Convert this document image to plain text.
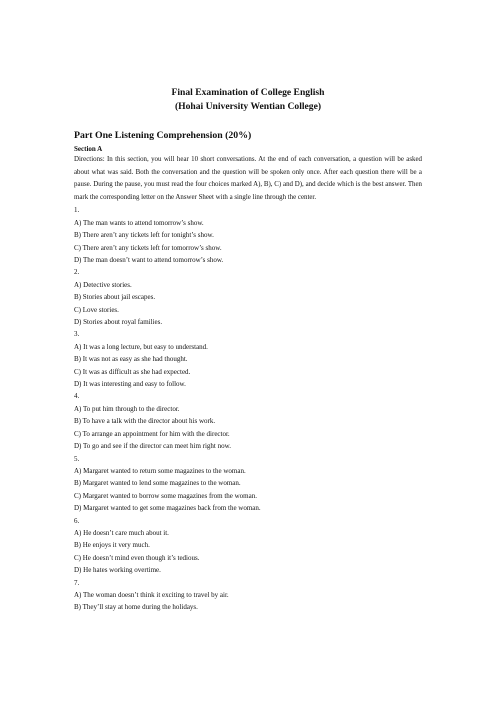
Final Examination of College English
(Hohai University Wentian College)
Part One Listening Comprehension (20%)
Section A

Directions: In this section, you will hear 10 short conversations. At the end of each conversation, a question will be asked about what was said. Both the conversation and the question will be spoken only once. After each question there will be a pause. During the pause, you must read the four choices marked A), B), C) and D), and decide which is the best answer. Then mark the corresponding letter on the Answer Sheet with a single line through the center.

1.
A) The man wants to attend tomorrow’s show.
B) There aren’t any tickets left for tonight’s show.
C) There aren’t any tickets left for tomorrow’s show.
D) The man doesn’t want to attend tomorrow’s show.
2.
A) Detective stories.
B) Stories about jail escapes.
C) Love stories.
D) Stories about royal families.
3.
A) It was a long lecture, but easy to understand.
B) It was not as easy as she had thought.
C) It was as difficult as she had expected.
D) It was interesting and easy to follow.
4.
A) To put him through to the director.
B) To have a talk with the director about his work.
C) To arrange an appointment for him with the director.
D) To go and see if the director can meet him right now.
5.
A) Margaret wanted to return some magazines to the woman.
B) Margaret wanted to lend some magazines to the woman.
C) Margaret wanted to borrow some magazines from the woman.
D) Margaret wanted to get some magazines back from the woman.
6.
A) He doesn’t care much about it.
B) He enjoys it very much.
C) He doesn’t mind even though it’s tedious.
D) He hates working overtime.
7.
A) The woman doesn’t think it exciting to travel by air.
B) They’ll stay at home during the holidays.
